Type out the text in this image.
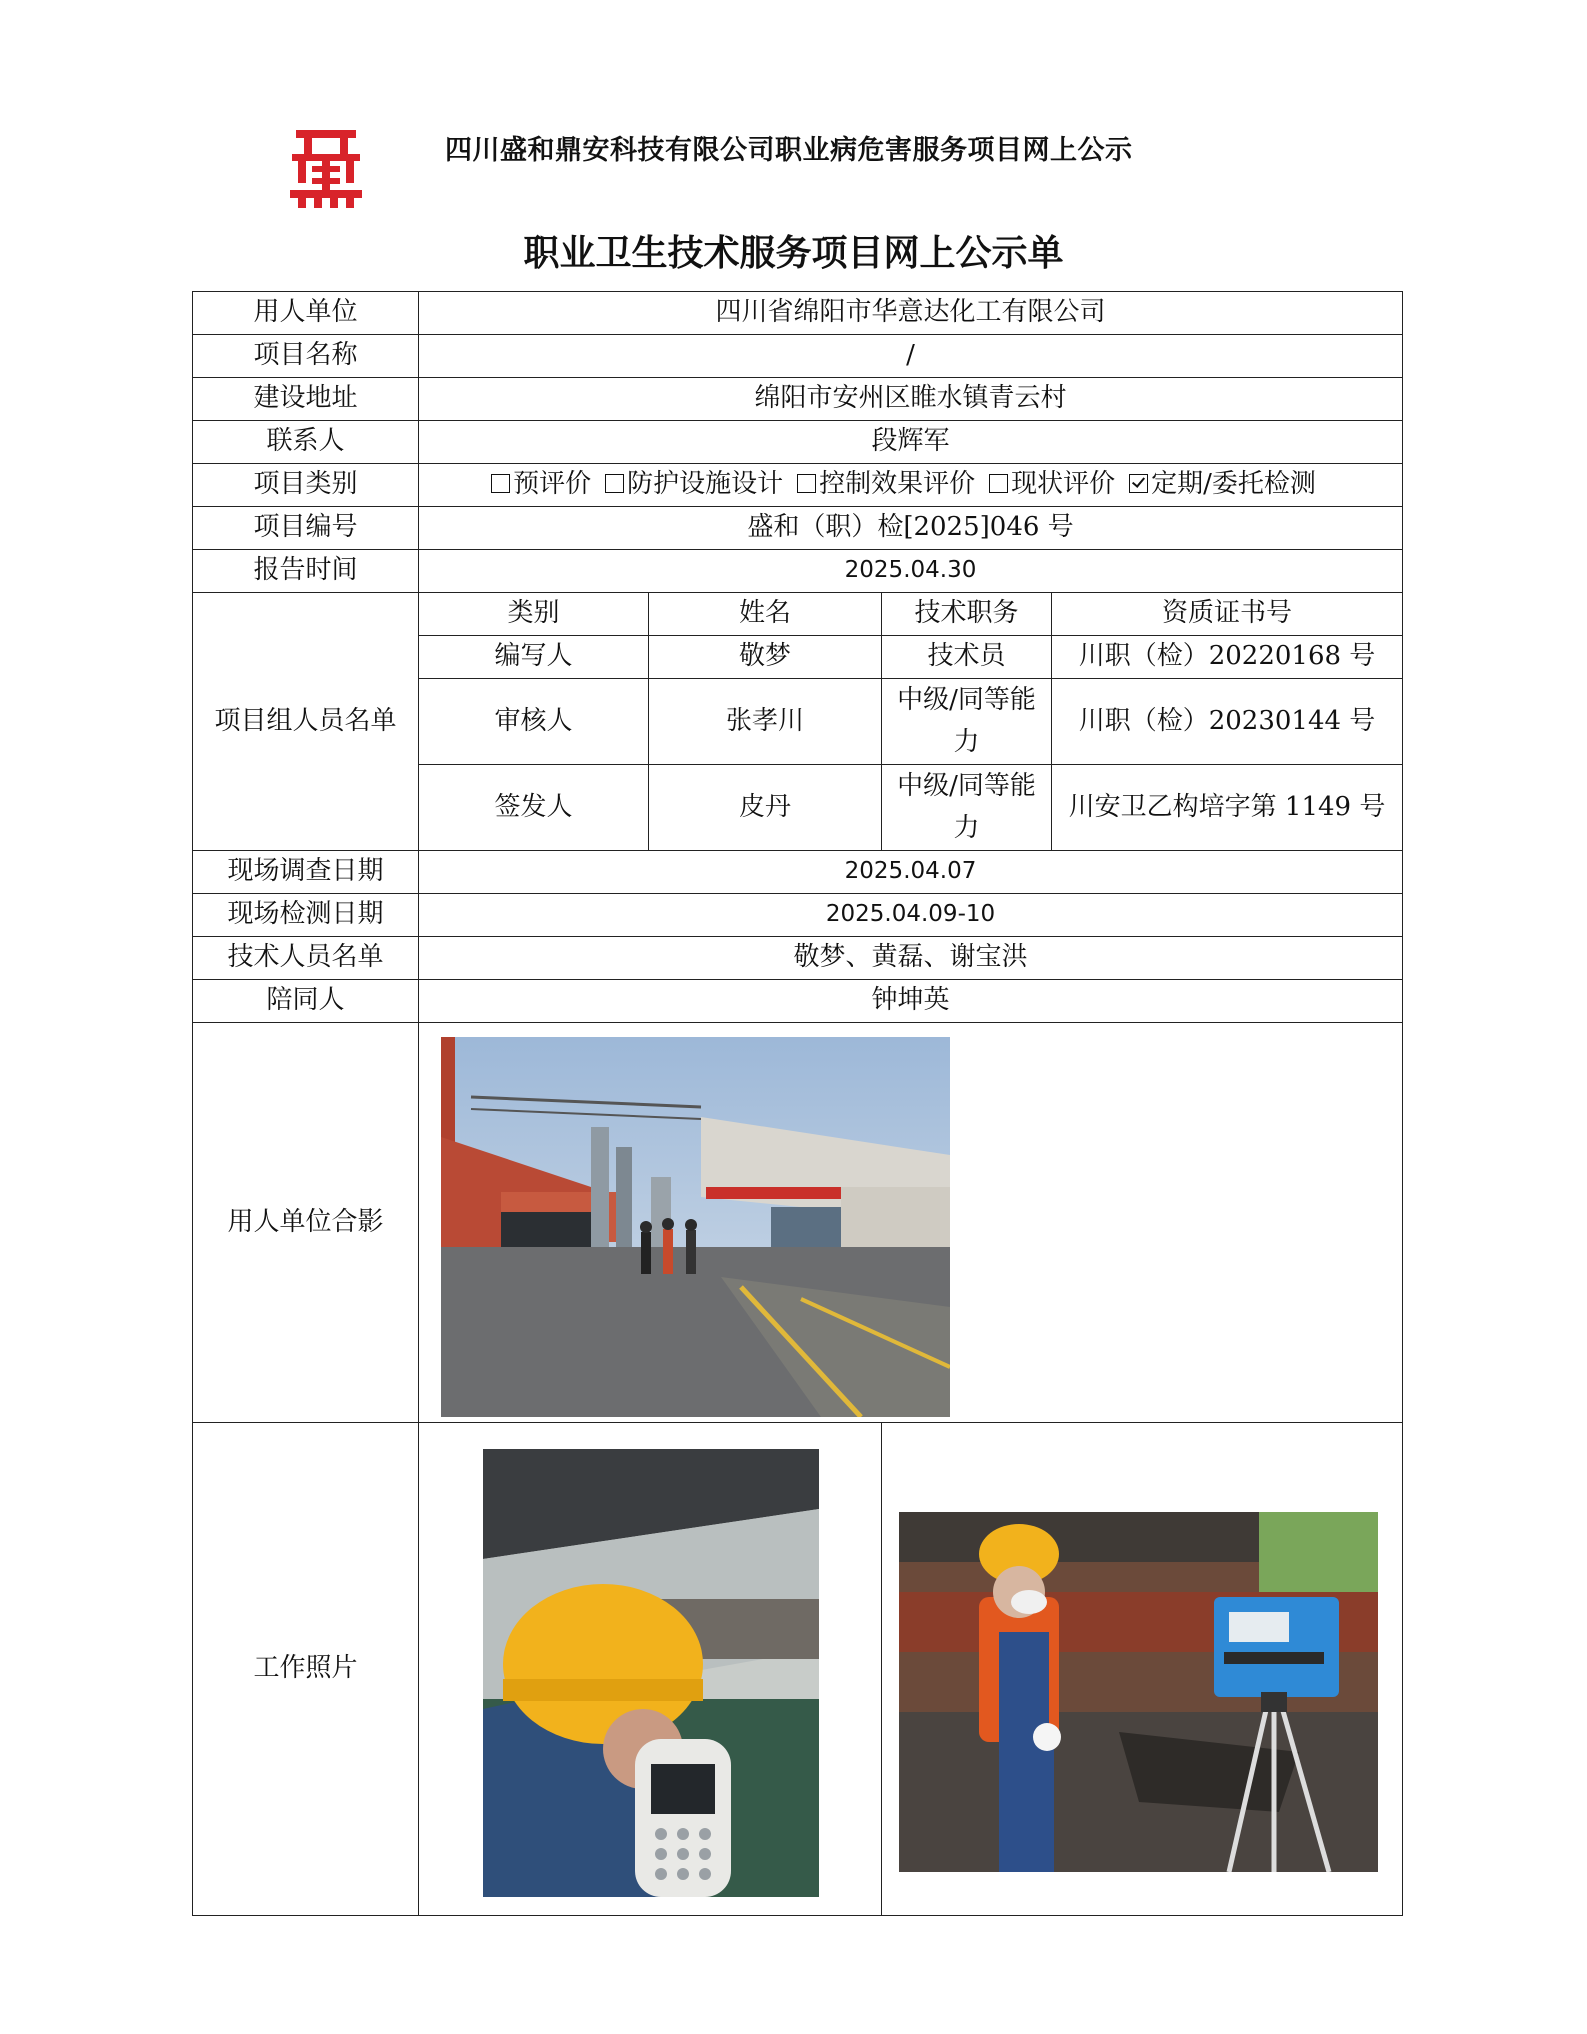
四川盛和鼎安科技有限公司职业病危害服务项目网上公示
职业卫生技术服务项目网上公示单
用人单位	四川省绵阳市华意达化工有限公司			
项目名称	/			
建设地址	绵阳市安州区睢水镇青云村			
联系人	段辉军			
项目类别	预评价 防护设施设计 控制效果评价 现状评价 定期/委托检测			
项目编号	盛和（职）检[2025]046 号			
报告时间	2025.04.30			
项目组人员名单	类别	姓名	技术职务	资质证书号
	编写人	敬梦	技术员	川职（检）20220168 号
	审核人	张孝川	中级/同等能力	川职（检）20230144 号
	签发人	皮丹	中级/同等能力	川安卫乙构培字第 1149 号
现场调查日期	2025.04.07			
现场检测日期	2025.04.09-10			
技术人员名单	敬梦、黄磊、谢宝洪			
陪同人	钟坤英			
用人单位合影				
工作照片				
